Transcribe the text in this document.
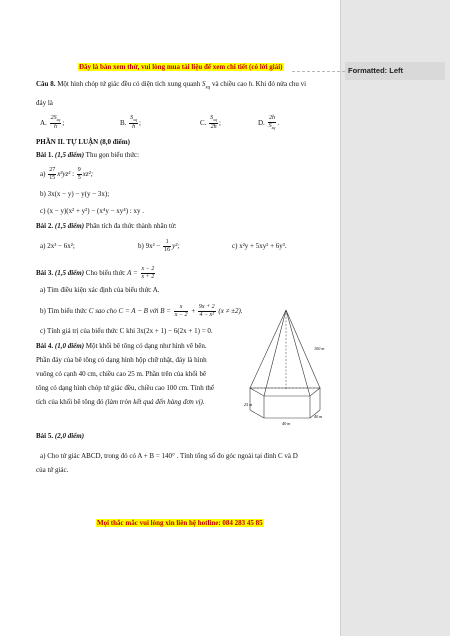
Đây là bản xem thử, vui lòng mua tài liệu để xem chi tiết (có lời giải)
Câu 8. Một hình chóp tứ giác đều có diện tích xung quanh $S_{xq}$ và chiều cao h. Khi đó nửa chu vi
đáy là
A. $\frac{2S_{xq}}{h}$ ;	B. $\frac{S_{xq}}{h}$ ;	C. $\frac{S_{xq}}{2h}$ ;	D. $\frac{2h}{S_{xq}}$ .
PHẦN II. TỰ LUẬN (8,0 điểm)
Bài 1. (1,5 điểm) Thu gọn biểu thức:
$a) \frac{27}{15} x^3yz^2$ : $\frac{9}{5} xz^2$;
b) 3x(x − y) − y(y − 3x);
c) (x − y)(x² + y²) − (x⁴y − xy⁴) : xy .
Bài 2. (1,5 điểm) Phân tích đa thức thành nhân tử:
a) 2x³ − 6x²;	b) $9x^2 - \frac{1}{16} y^2$;	c) x²y + 5xy² + 6y³.
Bài 3. (1,5 điểm) Cho biểu thức $A = \frac{x - 2}{x + 2}$
a) Tìm điều kiện xác định của biểu thức A.
b) Tìm biểu thức C sao cho C = A − B với $B = \frac{x}{x - 2} + \frac{9x + 2}{\text{4 − x²}} (x \ne \pm 2)$.
c) Tính giá trị của biểu thức C khi 3x(2x + 1) − 6(2x + 1) = 0.
Bài 4. (1,0 điểm) Một khối bê tông có dạng như hình vẽ bên.
Phần đáy của bê tông có dạng hình hộp chữ nhật, đáy là hình
vuông có cạnh 40 cm, chiều cao 25 m. Phần trên của khối bê
tông có dạng hình chóp tứ giác đều, chiều cao 100 cm. Tính thể
tích của khối bê tông đó (làm tròn kết quả đến hàng đơn vị).
100 m
25 m
40 m
40 m
Bài 5. (2,0 điểm)
a) Cho tứ giác ABCD, trong đó có A + B = 140° . Tính tổng số đo góc ngoài tại đỉnh C và D
của tứ giác.
Mọi thắc mắc vui lòng xin liên hệ hotline: 084 283 45 85
Formatted: Left
